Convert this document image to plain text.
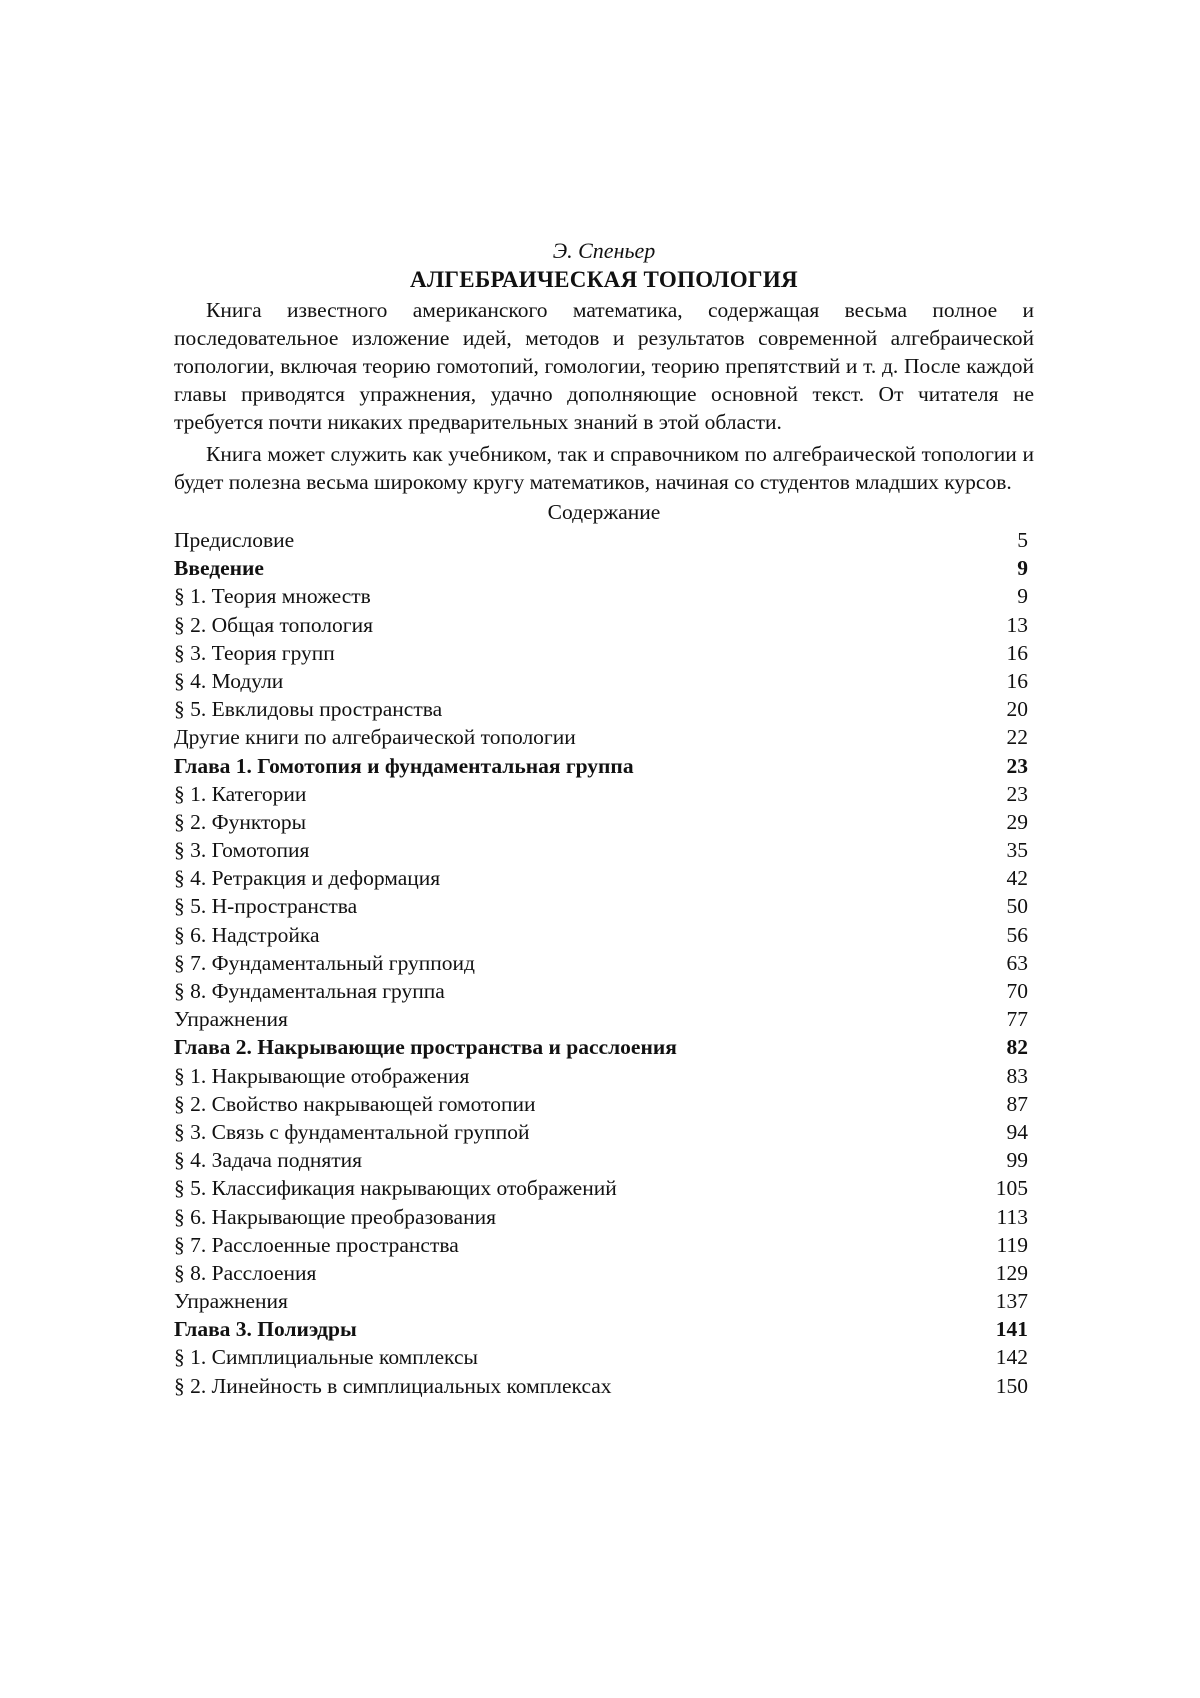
Э. Спеньер
АЛГЕБРАИЧЕСКАЯ ТОПОЛОГИЯ

Книга известного американского математика, содержащая весьма полное и последовательное изложение идей, методов и результатов современной алгебраической топологии, включая теорию гомотопий, гомологии, теорию препятствий и т. д. После каждой главы приводятся упражнения, удачно дополняющие основной текст. От читателя не требуется почти никаких предварительных знаний в этой области.

Книга может служить как учебником, так и справочником по алгебраической топологии и будет полезна весьма широкому кругу математиков, начиная со студентов младших курсов.

Содержание
Предисловие	5
Введение	9
§ 1. Теория множеств	9
§ 2. Общая топология	13
§ 3. Теория групп	16
§ 4. Модули	16
§ 5. Евклидовы пространства	20
Другие книги по алгебраической топологии	22
Глава 1. Гомотопия и фундаментальная группа	23
§ 1. Категории	23
§ 2. Функторы	29
§ 3. Гомотопия	35
§ 4. Ретракция и деформация	42
§ 5. Н-пространства	50
§ 6. Надстройка	56
§ 7. Фундаментальный группоид	63
§ 8. Фундаментальная группа	70
Упражнения	77
Глава 2. Накрывающие пространства и расслоения	82
§ 1. Накрывающие отображения	83
§ 2. Свойство накрывающей гомотопии	87
§ 3. Связь с фундаментальной группой	94
§ 4. Задача поднятия	99
§ 5. Классификация накрывающих отображений	105
§ 6. Накрывающие преобразования	113
§ 7. Расслоенные пространства	119
§ 8. Расслоения	129
Упражнения	137
Глава 3. Полиэдры	141
§ 1. Симплициальные комплексы	142
§ 2. Линейность в симплициальных комплексах	150
